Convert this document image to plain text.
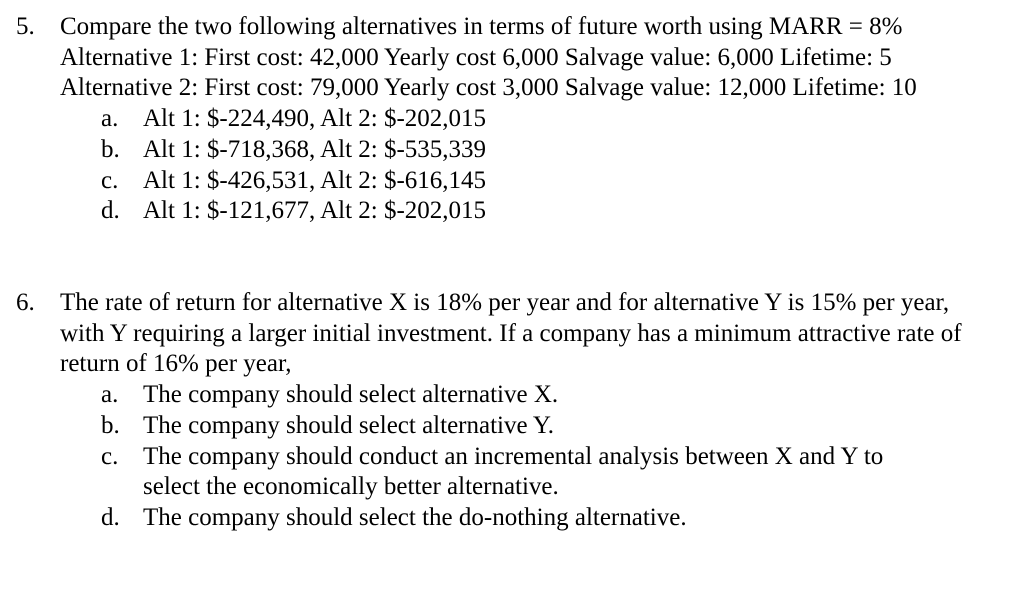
5. Compare the two following alternatives in terms of future worth using MARR = 8% Alternative 1: First cost: 42,000 Yearly cost 6,000 Salvage value: 6,000 Lifetime: 5 Alternative 2: First cost: 79,000 Yearly cost 3,000 Salvage value: 12,000 Lifetime: 10
a. Alt 1: $-224,490, Alt 2: $-202,015
b. Alt 1: $-718,368, Alt 2: $-535,339
c. Alt 1: $-426,531, Alt 2: $-616,145
d. Alt 1: $-121,677, Alt 2: $-202,015
6. The rate of return for alternative X is 18% per year and for alternative Y is 15% per year, with Y requiring a larger initial investment. If a company has a minimum attractive rate of return of 16% per year,
a. The company should select alternative X.
b. The company should select alternative Y.
c. The company should conduct an incremental analysis between X and Y to select the economically better alternative.
d. The company should select the do-nothing alternative.
